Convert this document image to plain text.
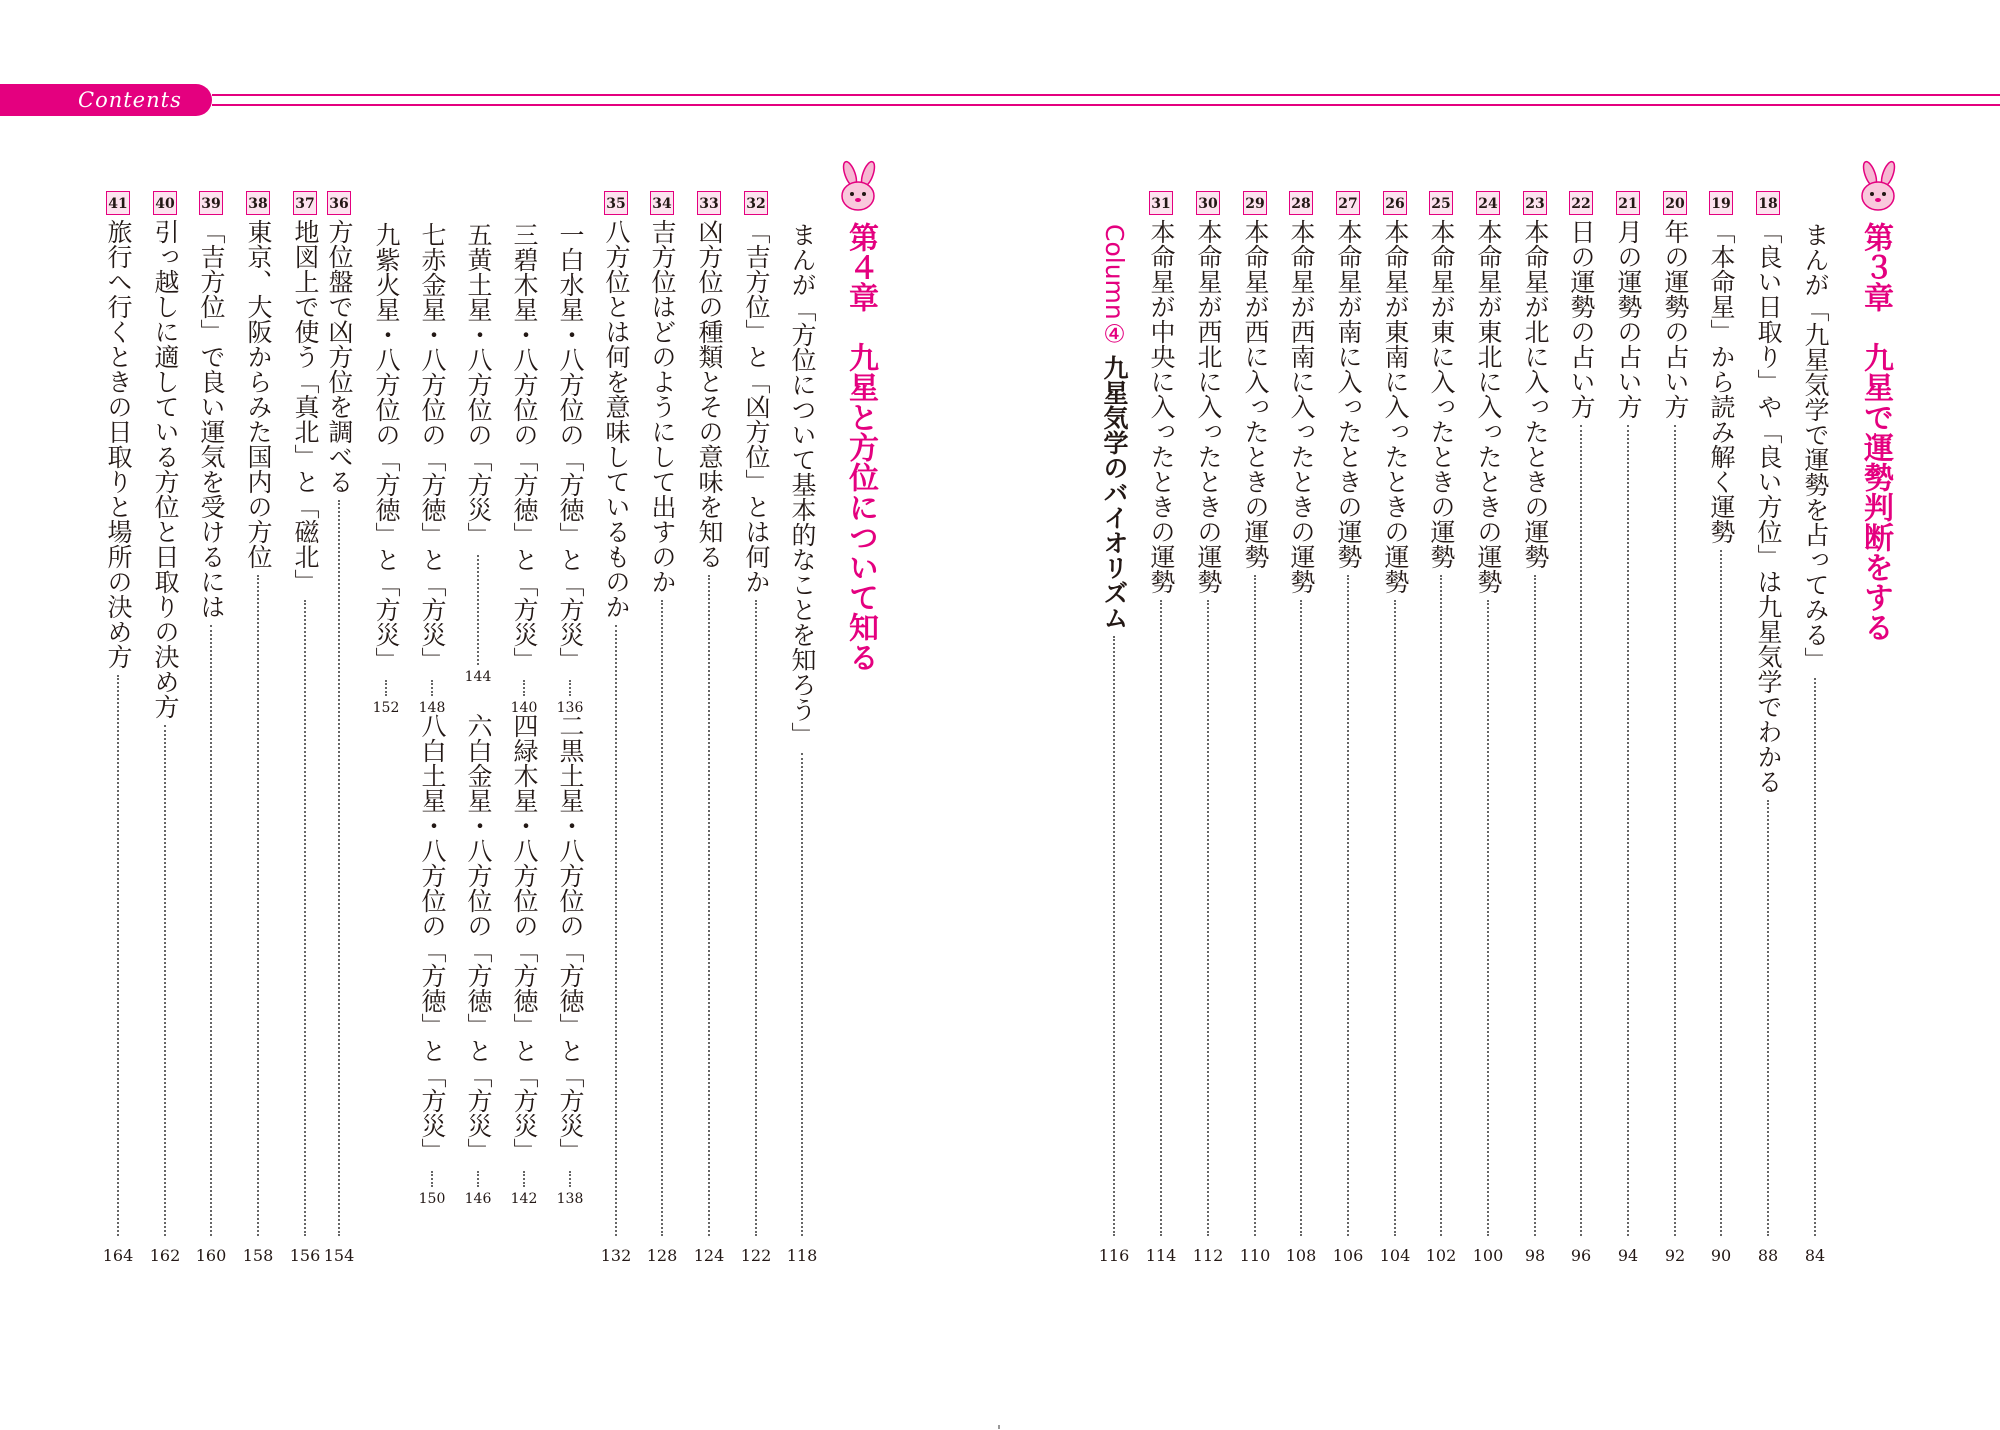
Contents
第３章　九星で運勢判断をする
まんが「九星気学で運勢を占ってみる」
84
18
「良い日取り」や「良い方位」は九星気学でわかる
88
19
「本命星」から読み解く運勢
90
20
年の運勢の占い方
92
21
月の運勢の占い方
94
22
日の運勢の占い方
96
23
本命星が北に入ったときの運勢
98
24
本命星が東北に入ったときの運勢
100
25
本命星が東に入ったときの運勢
102
26
本命星が東南に入ったときの運勢
104
27
本命星が南に入ったときの運勢
106
28
本命星が西南に入ったときの運勢
108
29
本命星が西に入ったときの運勢
110
30
本命星が西北に入ったときの運勢
112
31
本命星が中央に入ったときの運勢
114
Column④
九星気学のバイオリズム
116
第４章　九星と方位について知る
まんが「方位について基本的なことを知ろう」
118
32
「吉方位」と「凶方位」とは何か
122
33
凶方位の種類とその意味を知る
124
34
吉方位はどのようにして出すのか
128
35
八方位とは何を意味しているものか
132
一白水星・八方位の「方徳」と「方災」
136
二黒土星・八方位の「方徳」と「方災」
138
三碧木星・八方位の「方徳」と「方災」
140
四緑木星・八方位の「方徳」と「方災」
142
五黄土星・八方位の「方災」
144
六白金星・八方位の「方徳」と「方災」
146
七赤金星・八方位の「方徳」と「方災」
148
八白土星・八方位の「方徳」と「方災」
150
九紫火星・八方位の「方徳」と「方災」
152
36
方位盤で凶方位を調べる
154
37
地図上で使う「真北」と「磁北」
156
38
東京、大阪からみた国内の方位
158
39
「吉方位」で良い運気を受けるには
160
40
引っ越しに適している方位と日取りの決め方
162
41
旅行へ行くときの日取りと場所の決め方
164
